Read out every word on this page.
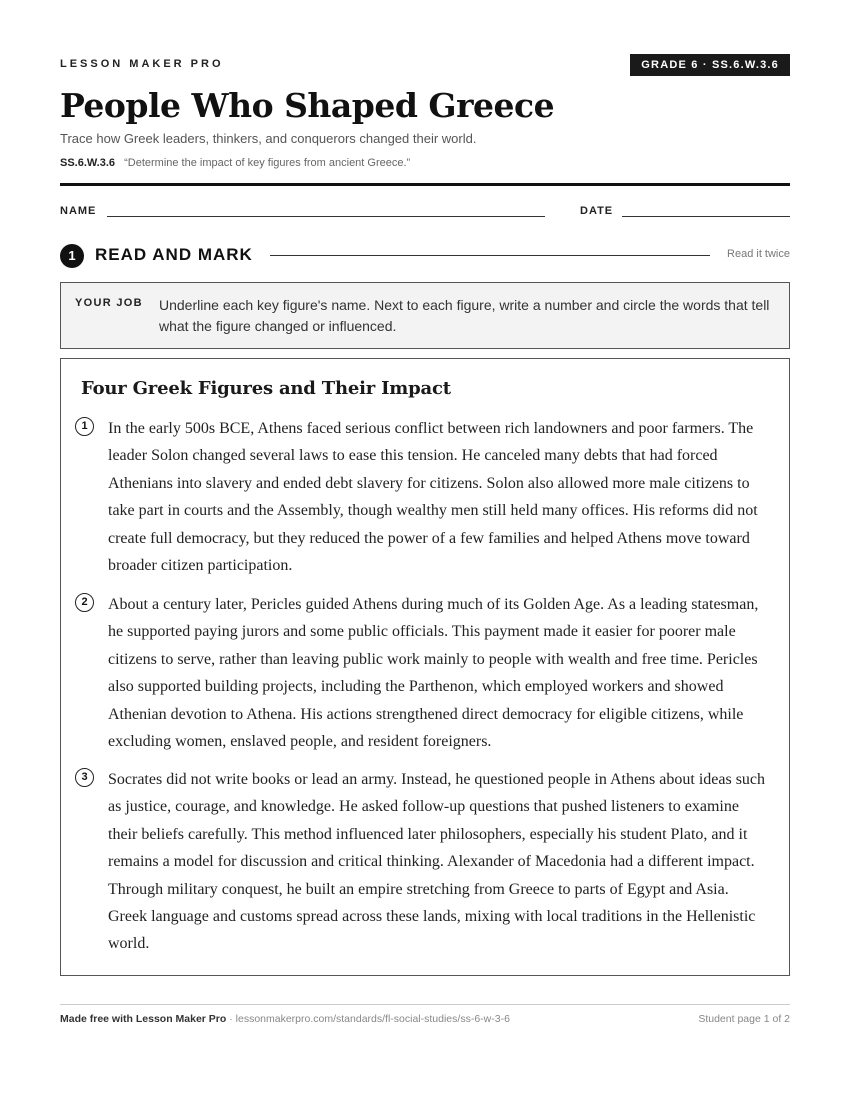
LESSON MAKER PRO	GRADE 6 · SS.6.W.3.6
People Who Shaped Greece
Trace how Greek leaders, thinkers, and conquerors changed their world.
SS.6.W.3.6 “Determine the impact of key figures from ancient Greece.”
NAME	DATE
1	READ AND MARK	Read it twice
YOUR JOB Underline each key figure's name. Next to each figure, write a number and circle the words that tell what the figure changed or influenced.
Four Greek Figures and Their Impact
1	In the early 500s BCE, Athens faced serious conflict between rich landowners and poor farmers. The leader Solon changed several laws to ease this tension. He canceled many debts that had forced Athenians into slavery and ended debt slavery for citizens. Solon also allowed more male citizens to take part in courts and the Assembly, though wealthy men still held many offices. His reforms did not create full democracy, but they reduced the power of a few families and helped Athens move toward broader citizen participation.

2	About a century later, Pericles guided Athens during much of its Golden Age. As a leading statesman, he supported paying jurors and some public officials. This payment made it easier for poorer male citizens to serve, rather than leaving public work mainly to people with wealth and free time. Pericles also supported building projects, including the Parthenon, which employed workers and showed Athenian devotion to Athena. His actions strengthened direct democracy for eligible citizens, while excluding women, enslaved people, and resident foreigners.

3	Socrates did not write books or lead an army. Instead, he questioned people in Athens about ideas such as justice, courage, and knowledge. He asked follow-up questions that pushed listeners to examine their beliefs carefully. This method influenced later philosophers, especially his student Plato, and it remains a model for discussion and critical thinking. Alexander of Macedonia had a different impact. Through military conquest, he built an empire stretching from Greece to parts of Egypt and Asia. Greek language and customs spread across these lands, mixing with local traditions in the Hellenistic world.

Made free with Lesson Maker Pro · lessonmakerpro.com/standards/fl-social-studies/ss-6-w-3-6	Student page 1 of 2
